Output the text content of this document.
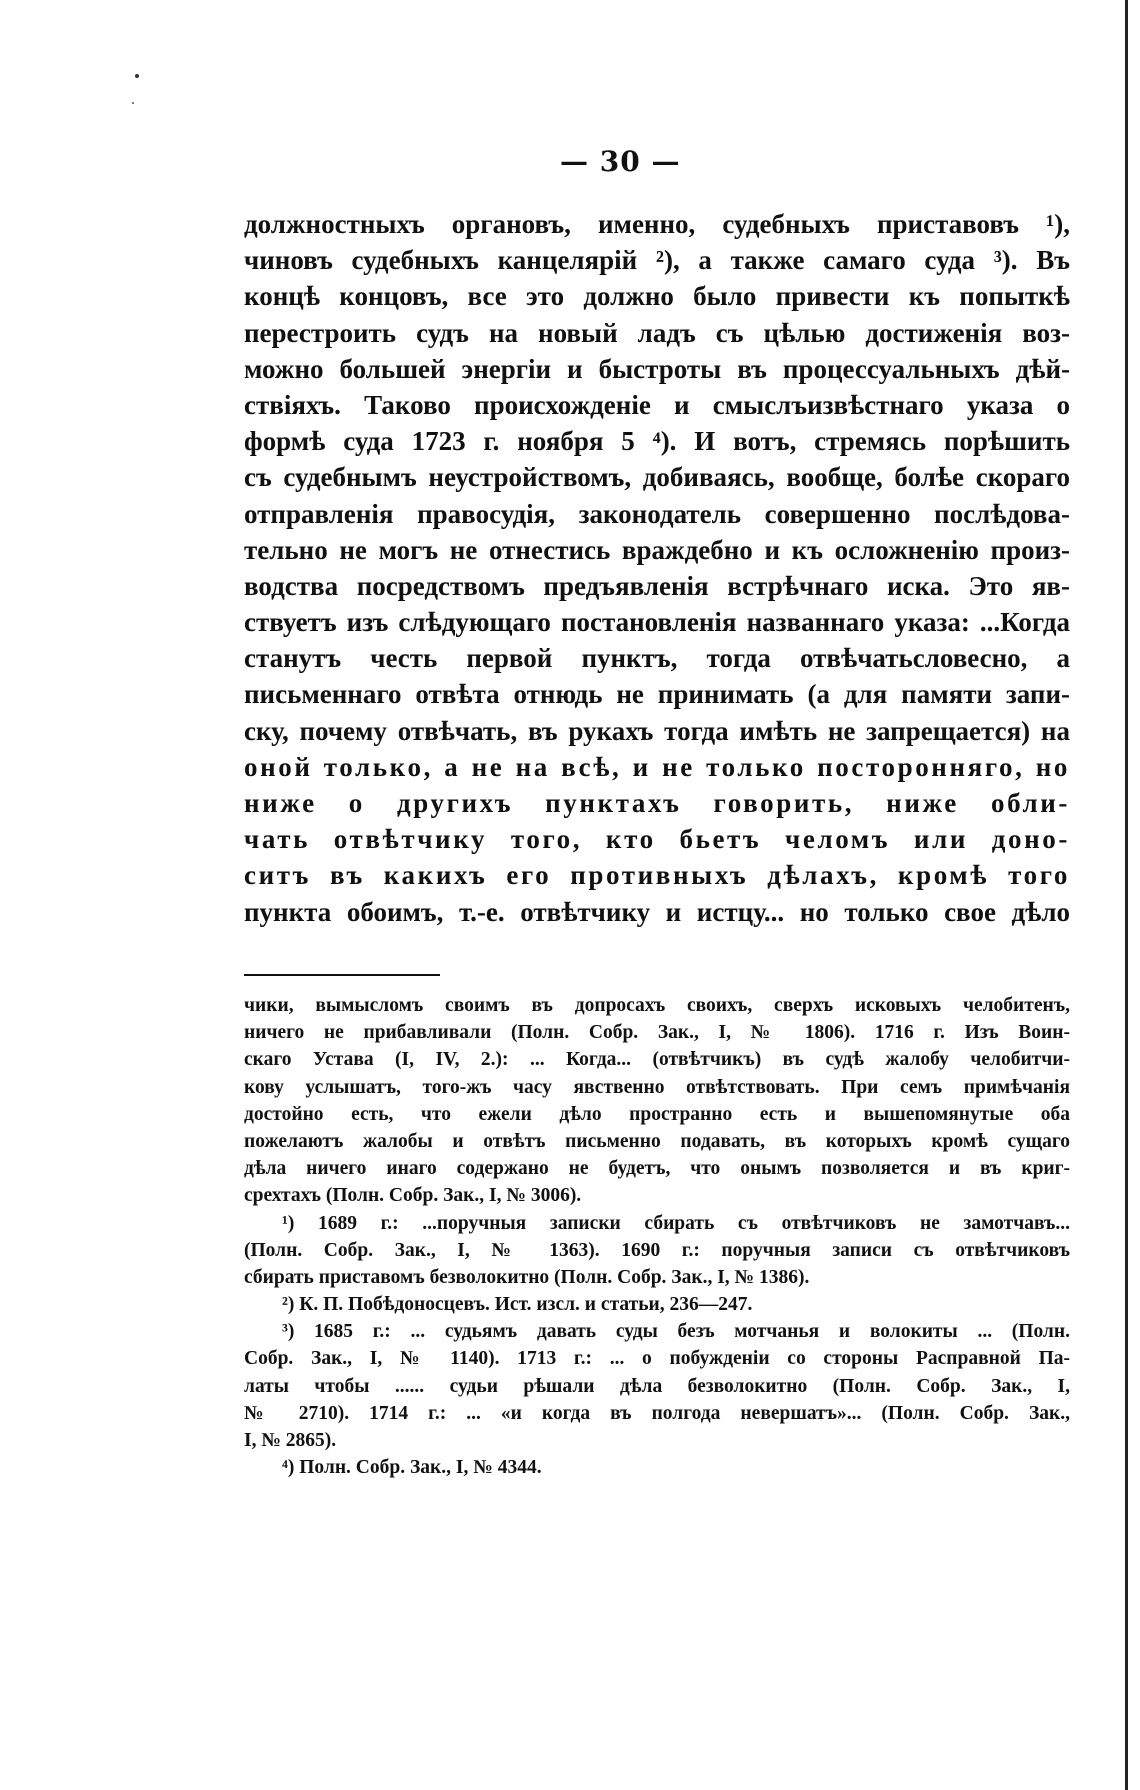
— 30 —
должностныхъ органовъ, именно, судебныхъ приставовъ ¹),
чиновъ судебныхъ канцелярій ²), а также самаго суда ³). Въ
концѣ концовъ, все это должно было привести къ попыткѣ
перестроить судъ на новый ладъ съ цѣлью достиженія воз-
можно большей энергіи и быстроты въ процессуальныхъ дѣй-
ствіяхъ. Таково происхожденіе и смыслъизвѣстнаго указа о
формѣ суда 1723 г. ноября 5 ⁴). И вотъ, стремясь порѣшить
съ судебнымъ неустройствомъ, добиваясь, вообще, болѣе скораго
отправленія правосудія, законодатель совершенно послѣдова-
тельно не могъ не отнестись враждебно и къ осложненію произ-
водства посредствомъ предъявленія встрѣчнаго иска. Это яв-
ствуетъ изъ слѣдующаго постановленія названнаго указа: ...Когда
станутъ честь первой пунктъ, тогда отвѣчатьсловесно, а
письменнаго отвѣта отнюдь не принимать (а для памяти запи-
ску, почему отвѣчать, въ рукахъ тогда имѣть не запрещается) на
оной только, а не на всѣ, и не только посторонняго, но
ниже о другихъ пунктахъ говорить, ниже обли-
чать отвѣтчику того, кто бьетъ челомъ или доно-
ситъ въ какихъ его противныхъ дѣлахъ, кромѣ того
пункта обоимъ, т.-е. отвѣтчику и истцу... но только свое дѣло
чики, вымысломъ своимъ въ допросахъ своихъ, сверхъ исковыхъ челобитенъ,
ничего не прибавливали (Полн. Собр. Зак., I, № 1806). 1716 г. Изъ Воин-
скаго Устава (I, IV, 2.): ... Когда... (отвѣтчикъ) въ судѣ жалобу челобитчи-
кову услышатъ, того-жъ часу явственно отвѣтствовать. При семъ примѣчанія
достойно есть, что ежели дѣло пространно есть и вышепомянутые оба
пожелаютъ жалобы и отвѣтъ письменно подавать, въ которыхъ кромѣ сущаго
дѣла ничего инаго содержано не будетъ, что онымъ позволяется и въ криг-
срехтахъ (Полн. Собр. Зак., I, № 3006).
¹) 1689 г.: ...поручныя записки сбирать съ отвѣтчиковъ не замотчавъ...
(Полн. Собр. Зак., I, № 1363). 1690 г.: поручныя записи съ отвѣтчиковъ
сбирать приставомъ безволокитно (Полн. Собр. Зак., I, № 1386).
²) К. П. Побѣдоносцевъ. Ист. изсл. и статьи, 236—247.
³) 1685 г.: ... судьямъ давать суды безъ мотчанья и волокиты ... (Полн.
Собр. Зак., I, № 1140). 1713 г.: ... о побужденіи со стороны Расправной Па-
латы чтобы ...... судьи рѣшали дѣла безволокитно (Полн. Собр. Зак., I,
№ 2710). 1714 г.: ... «и когда въ полгода невершатъ»... (Полн. Собр. Зак.,
I, № 2865).
⁴) Полн. Собр. Зак., I, № 4344.
